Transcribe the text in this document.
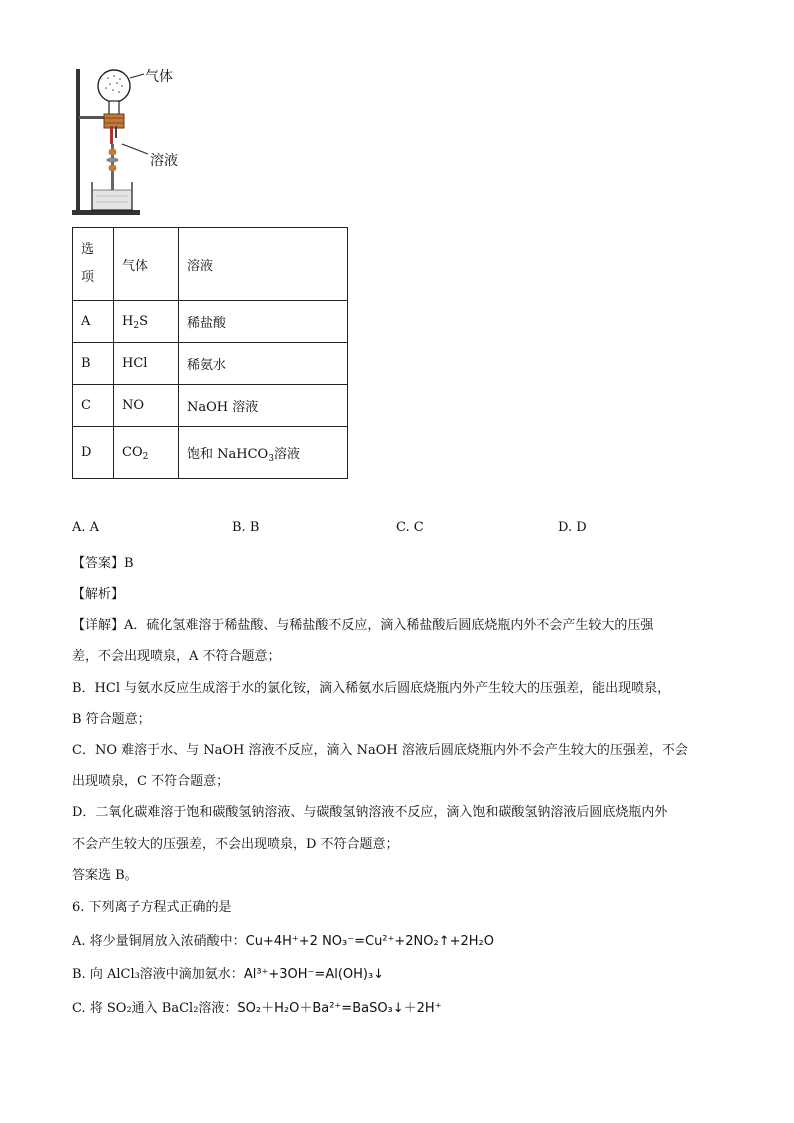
气体
溶液
选项	气体	溶液
A	$H_2S$	稀盐酸
B	HCl	稀氨水
C	NO	NaOH 溶液
D	$CO_2$	饱和 NaHCO$_3$溶液
A. A	B. B	C. C	D. D
【答案】B
【解析】
【详解】A．硫化氢难溶于稀盐酸、与稀盐酸不反应，滴入稀盐酸后圆底烧瓶内外不会产生较大的压强
差，不会出现喷泉，A 不符合题意；
B．HCl 与氨水反应生成溶于水的氯化铵，滴入稀氨水后圆底烧瓶内外产生较大的压强差，能出现喷泉，
B 符合题意；
C．NO 难溶于水、与 NaOH 溶液不反应，滴入 NaOH 溶液后圆底烧瓶内外不会产生较大的压强差，不会
出现喷泉，C 不符合题意；
D．二氧化碳难溶于饱和碳酸氢钠溶液、与碳酸氢钠溶液不反应，滴入饱和碳酸氢钠溶液后圆底烧瓶内外
不会产生较大的压强差，不会出现喷泉，D 不符合题意；
答案选 B。
6. 下列离子方程式正确的是
A. 将少量铜屑放入浓硝酸中：Cu+4H⁺+2 NO₃⁻=Cu²⁺+2NO₂↑+2H₂O
B. 向 AlCl₃溶液中滴加氨水：Al³⁺+3OH⁻=Al(OH)₃↓
C. 将 SO₂通入 BaCl₂溶液：SO₂＋H₂O＋Ba²⁺=BaSO₃↓＋2H⁺
